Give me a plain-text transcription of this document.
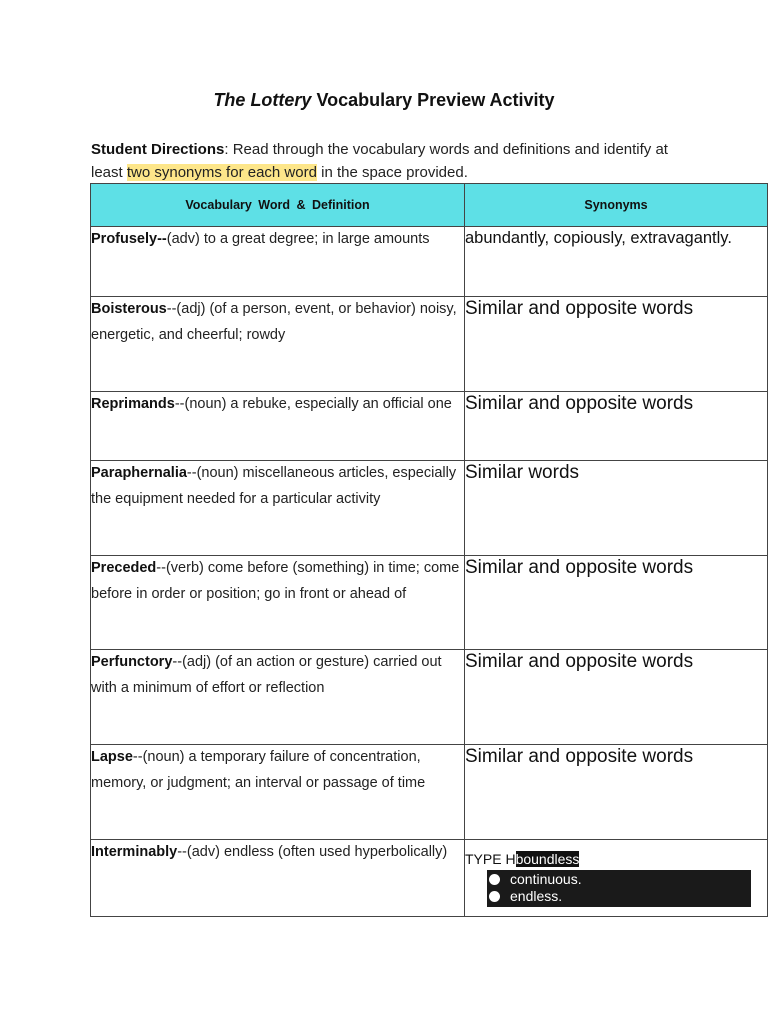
The Lottery Vocabulary Preview Activity
Student Directions: Read through the vocabulary words and definitions and identify at least two synonyms for each word in the space provided.
Vocabulary Word & Definition	Synonyms
Profusely--(adv) to a great degree; in large amounts	abundantly, copiously, extravagantly.
Boisterous--(adj) (of a person, event, or behavior) noisy, energetic, and cheerful; rowdy	Similar and opposite words
Reprimands--(noun) a rebuke, especially an official one	Similar and opposite words
Paraphernalia--(noun) miscellaneous articles, especially the equipment needed for a particular activity	Similar words
Preceded--(verb) come before (something) in time; come before in order or position; go in front or ahead of	Similar and opposite words
Perfunctory--(adj) (of an action or gesture) carried out with a minimum of effort or reflection	Similar and opposite words
Lapse--(noun) a temporary failure of concentration, memory, or judgment; an interval or passage of time	Similar and opposite words
Interminably--(adv) endless (often used hyperbolically)	TYPE Hboundless
continuous.
endless.
